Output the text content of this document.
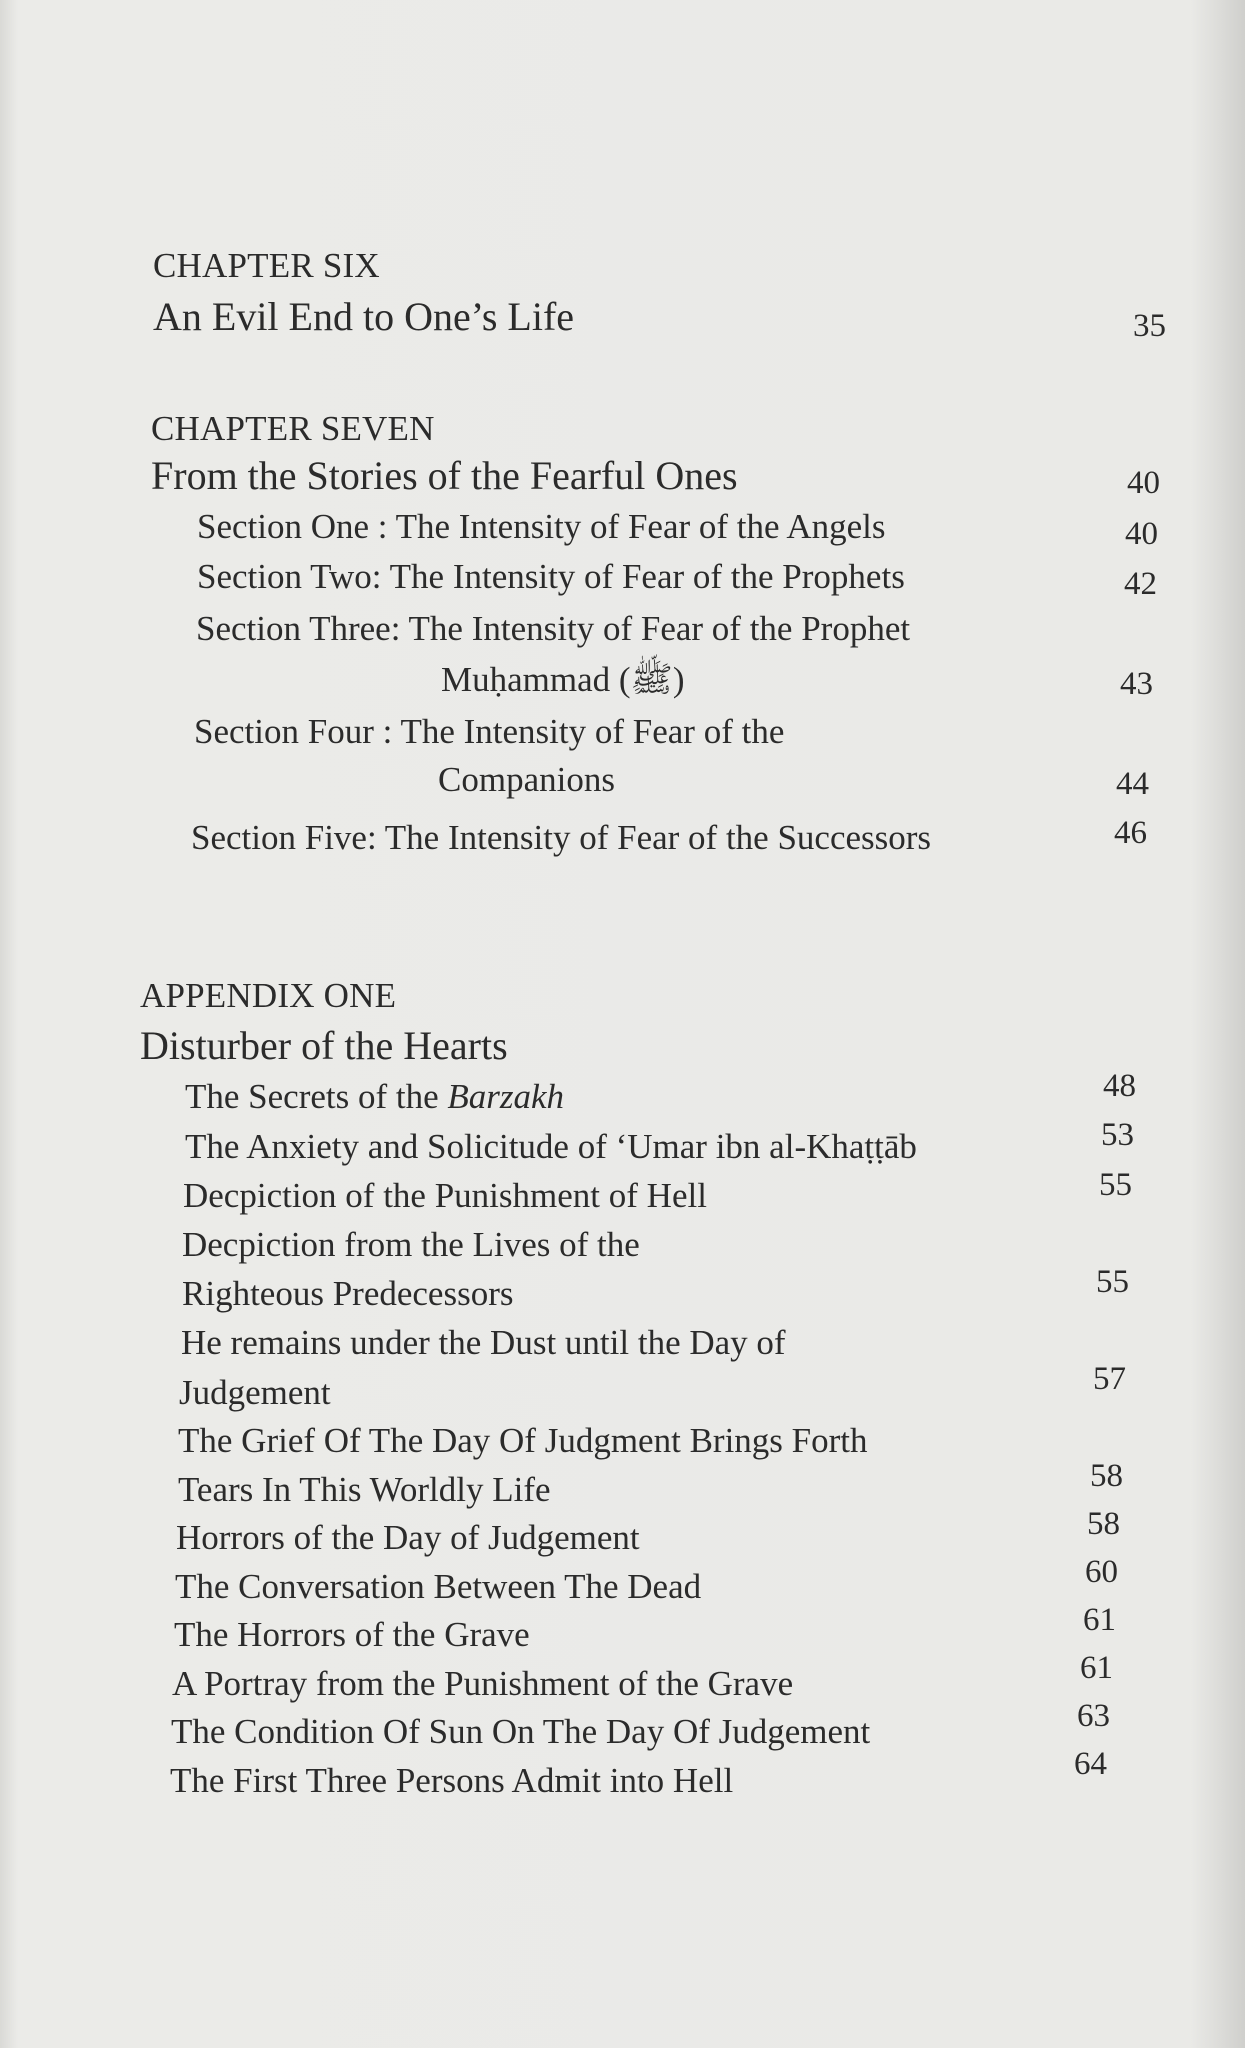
CHAPTER SIX
An Evil End to One’s Life	35
CHAPTER SEVEN
From the Stories of the Fearful Ones	40
Section One : The Intensity of Fear of the Angels	40
Section Two: The Intensity of Fear of the Prophets	42
Section Three: The Intensity of Fear of the Prophet
Muḥammad (ﷺ)	43
Section Four : The Intensity of Fear of the
Companions	44
Section Five: The Intensity of Fear of the Successors	46
APPENDIX ONE
Disturber of the Hearts
The Secrets of the Barzakh	48
The Anxiety and Solicitude of ‘Umar ibn al-Khaṭṭāb	53
Decpiction of the Punishment of Hell	55
Decpiction from the Lives of the
Righteous Predecessors	55
He remains under the Dust until the Day of
Judgement	57
The Grief Of The Day Of Judgment Brings Forth
Tears In This Worldly Life	58
Horrors of the Day of Judgement	58
The Conversation Between The Dead	60
The Horrors of the Grave	61
A Portray from the Punishment of the Grave	61
The Condition Of Sun On The Day Of Judgement	63
The First Three Persons Admit into Hell	64
